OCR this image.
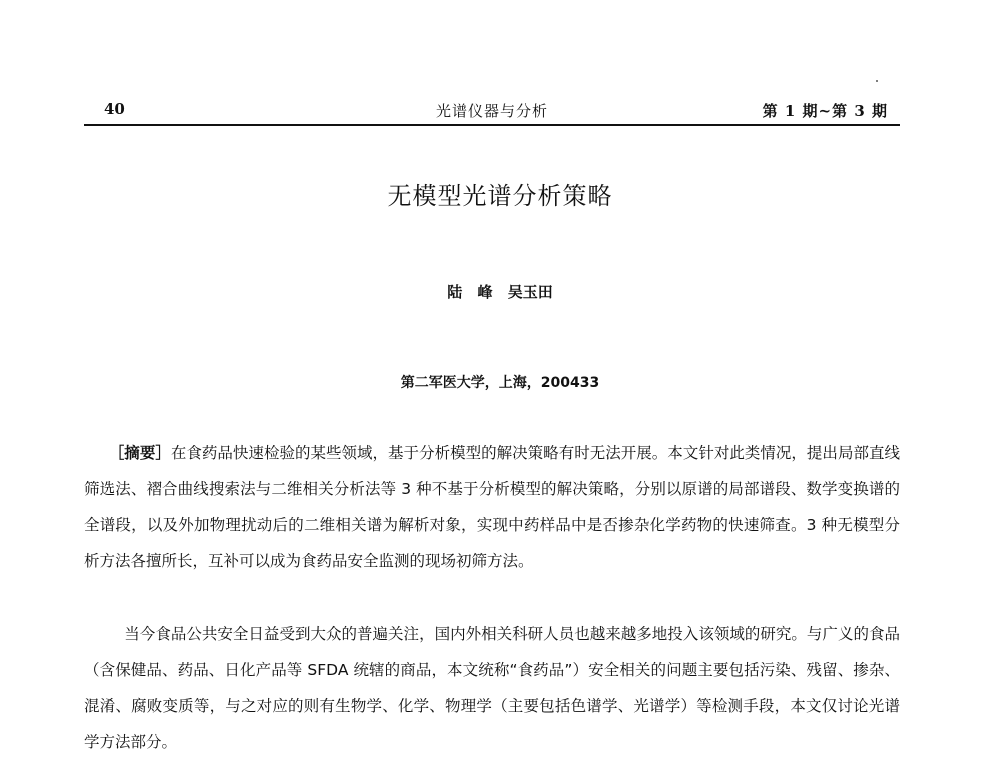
40	光谱仪器与分析	第 1 期~第 3 期
无模型光谱分析策略
陆 峰 吴玉田
第二军医大学，上海，200433

［摘要］在食药品快速检验的某些领域，基于分析模型的解决策略有时无法开展。本文针对此类情况，提出局部直线筛选法、褶合曲线搜索法与二维相关分析法等 3 种不基于分析模型的解决策略，分别以原谱的局部谱段、数学变换谱的全谱段，以及外加物理扰动后的二维相关谱为解析对象，实现中药样品中是否掺杂化学药物的快速筛查。3 种无模型分析方法各擅所长，互补可以成为食药品安全监测的现场初筛方法。

当今食品公共安全日益受到大众的普遍关注，国内外相关科研人员也越来越多地投入该领域的研究。与广义的食品（含保健品、药品、日化产品等 SFDA 统辖的商品，本文统称“食药品”）安全相关的问题主要包括污染、残留、掺杂、混淆、腐败变质等，与之对应的则有生物学、化学、物理学（主要包括色谱学、光谱学）等检测手段，本文仅讨论光谱学方法部分。
